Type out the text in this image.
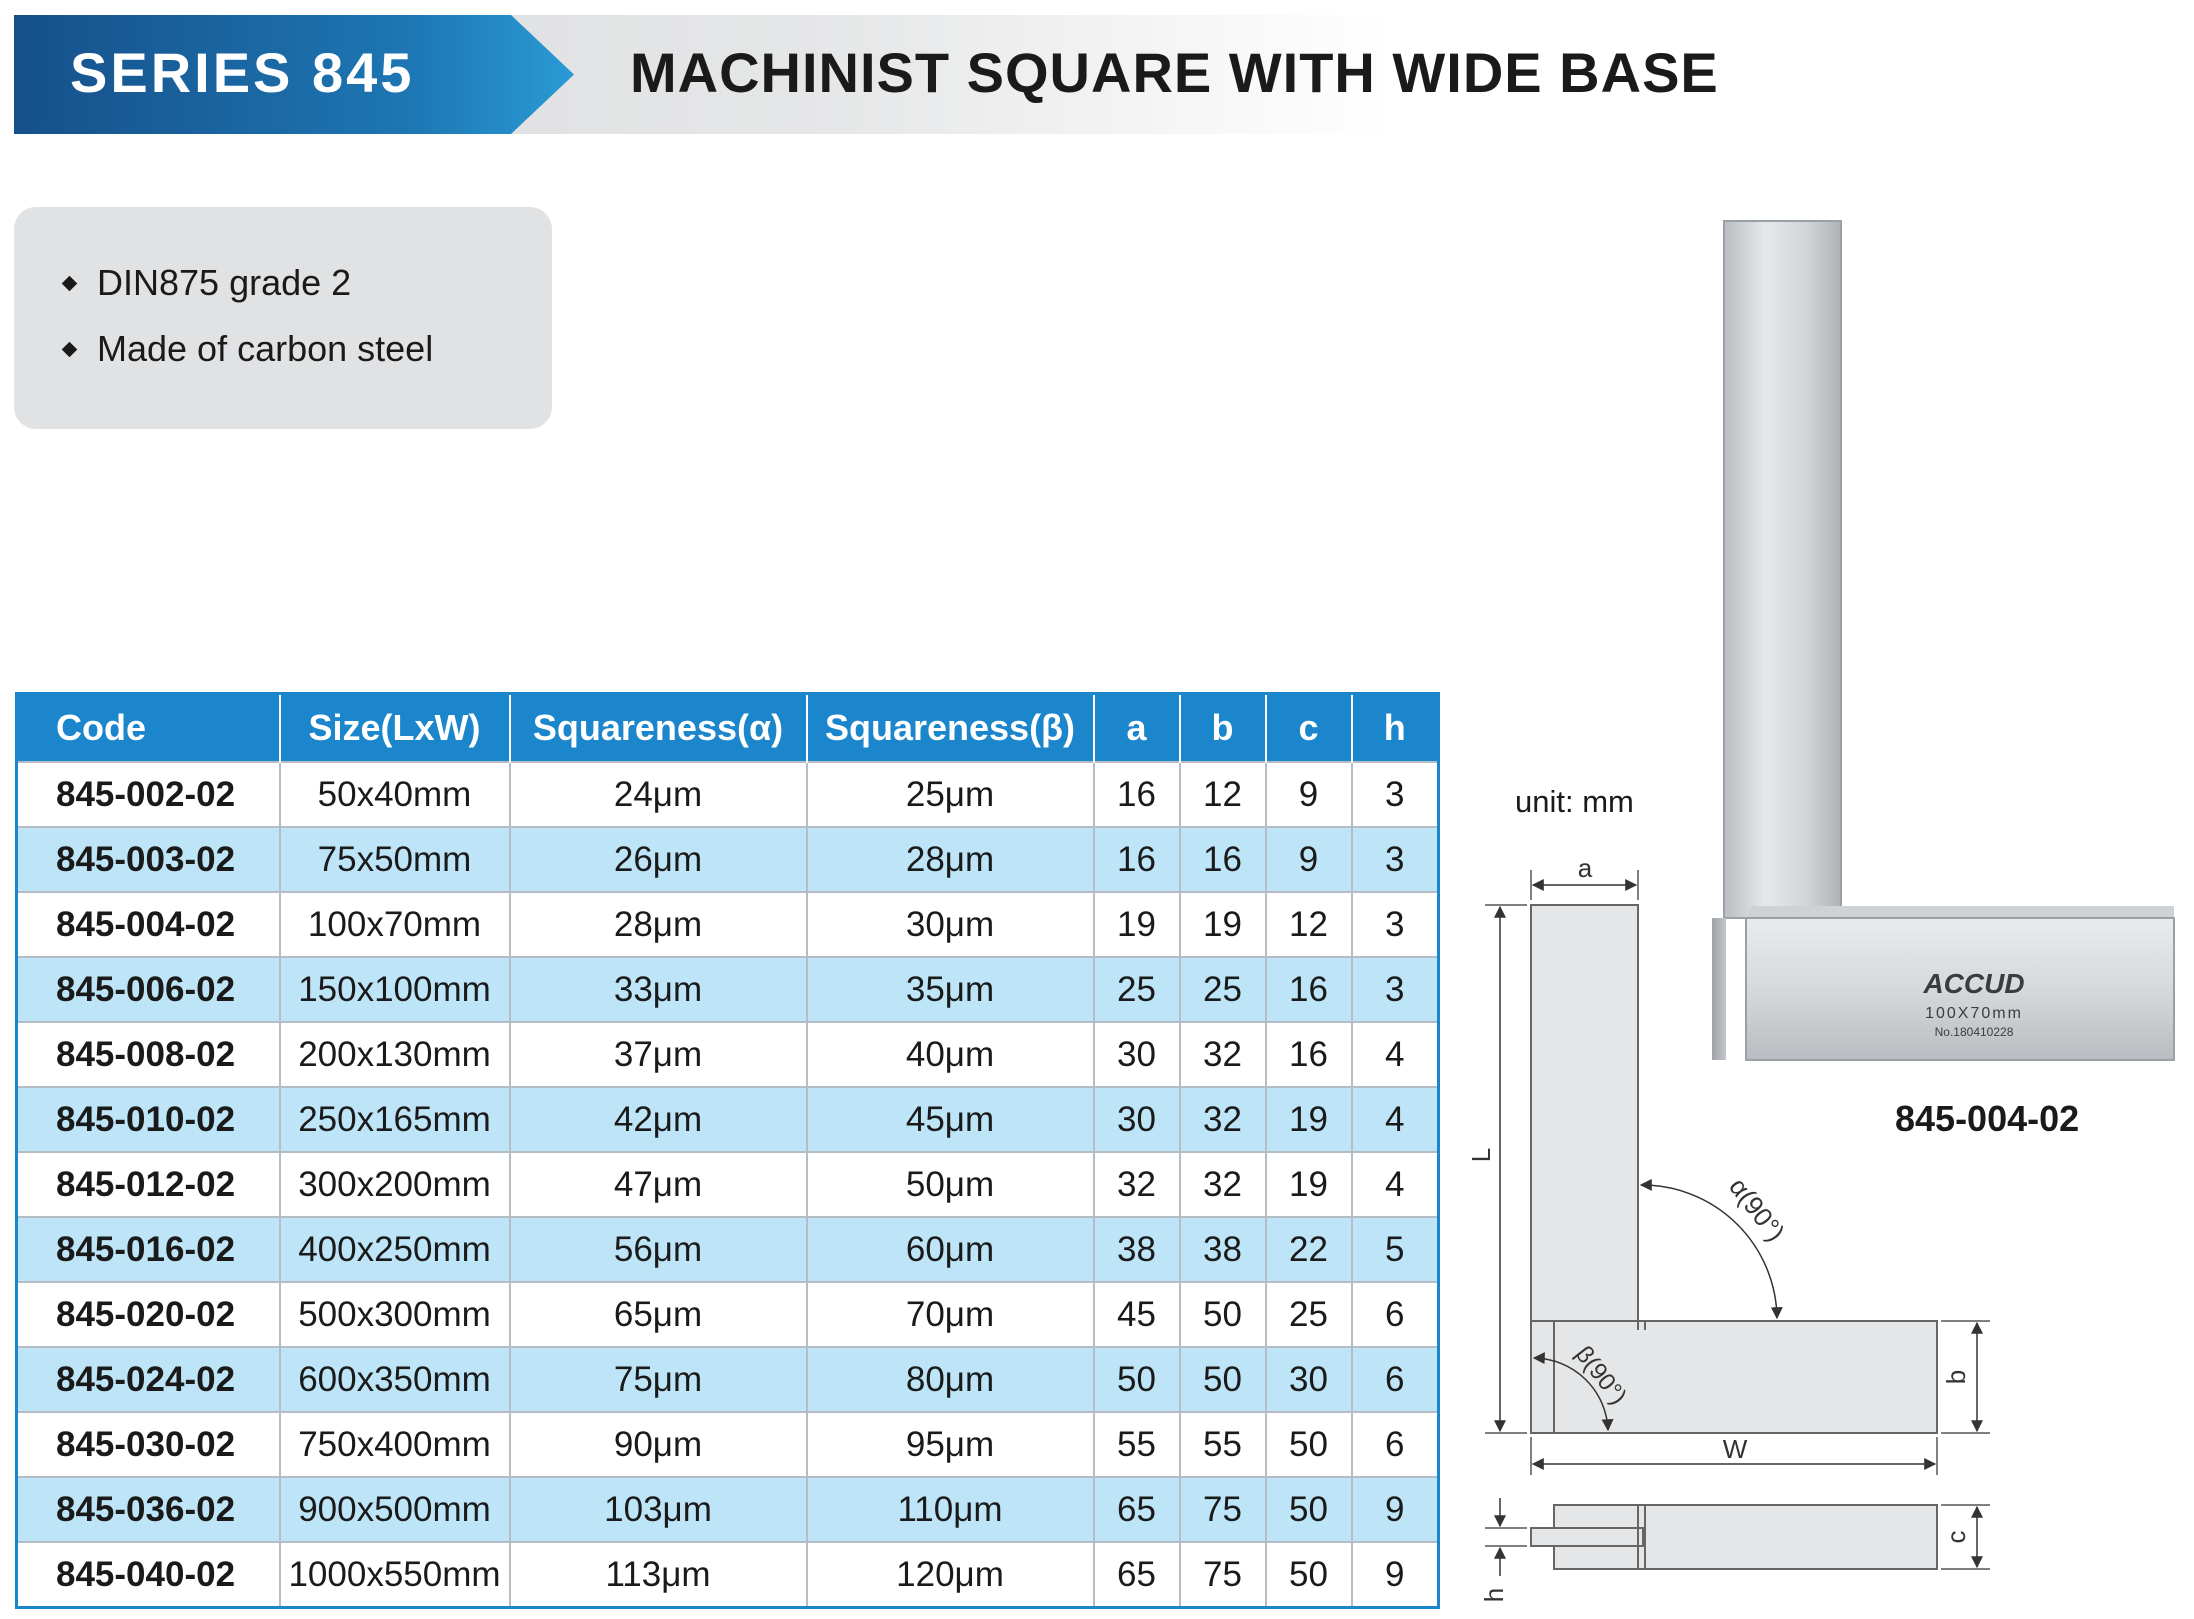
SERIES 845	MACHINIST SQUARE WITH WIDE BASE
DIN875 grade 2
Made of carbon steel
Code	Size(LxW)	Squareness(α)	Squareness(β)	a	b	c	h
845-002-02	50x40mm	24μm	25μm	16	12	9	3
845-003-02	75x50mm	26μm	28μm	16	16	9	3
845-004-02	100x70mm	28μm	30μm	19	19	12	3
845-006-02	150x100mm	33μm	35μm	25	25	16	3
845-008-02	200x130mm	37μm	40μm	30	32	16	4
845-010-02	250x165mm	42μm	45μm	30	32	19	4
845-012-02	300x200mm	47μm	50μm	32	32	19	4
845-016-02	400x250mm	56μm	60μm	38	38	22	5
845-020-02	500x300mm	65μm	70μm	45	50	25	6
845-024-02	600x350mm	75μm	80μm	50	50	30	6
845-030-02	750x400mm	90μm	95μm	55	55	50	6
845-036-02	900x500mm	103μm	110μm	65	75	50	9
845-040-02	1000x550mm	113μm	120μm	65	75	50	9
ACCUD
100X70mm
No.180410228
845-004-02
unit: mm
a
L
α(90°)
β(90°)	b
W
c
h
